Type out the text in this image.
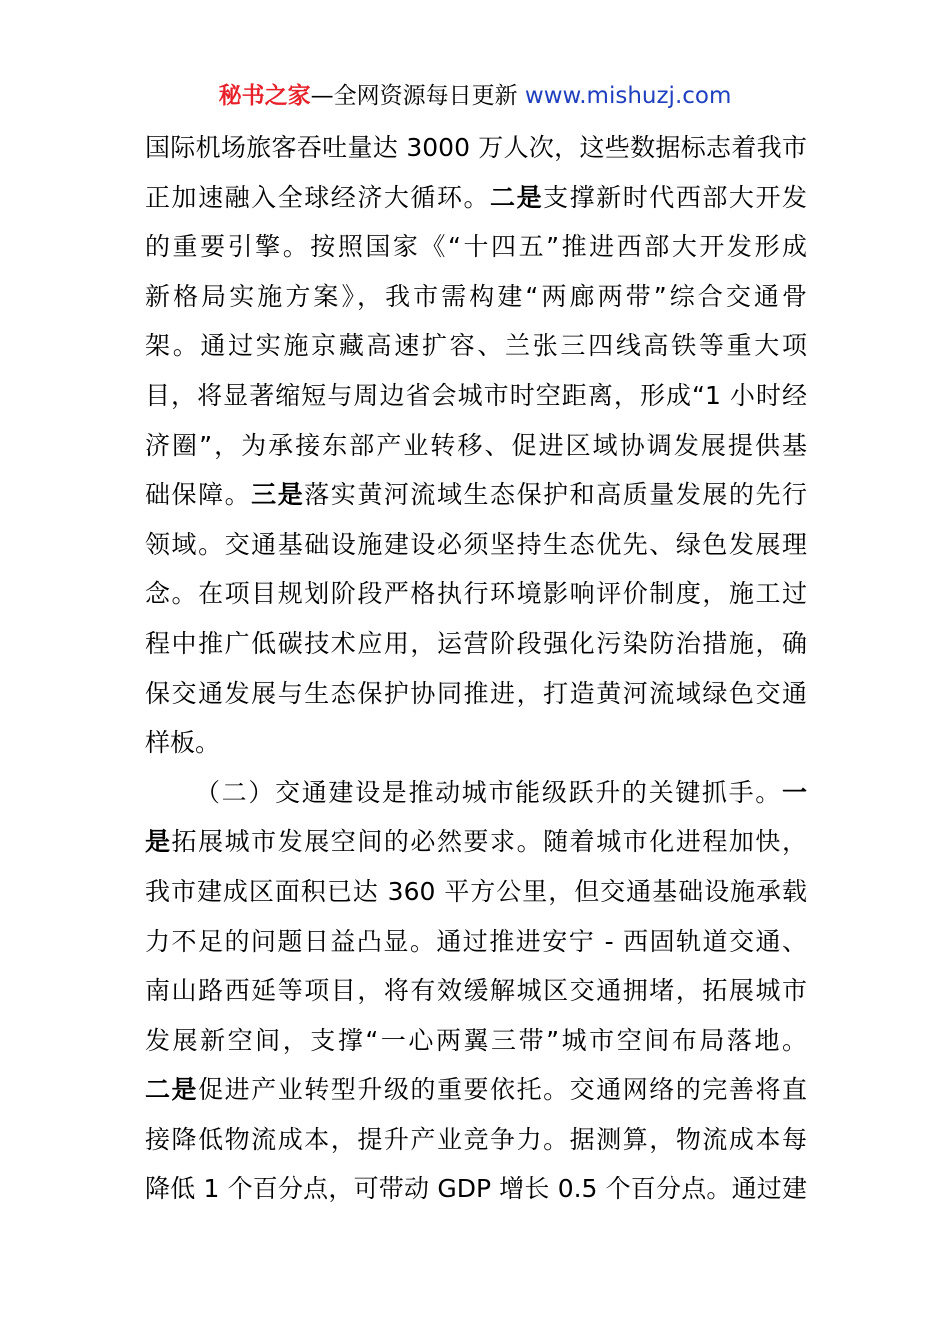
秘书之家—全网资源每日更新 www.mishuzj.com
国际机场旅客吞吐量达 3000 万人次，这些数据标志着我市
正加速融入全球经济大循环。二是支撑新时代西部大开发
的重要引擎。按照国家《“十四五”推进西部大开发形成
新格局实施方案》，我市需构建“两廊两带”综合交通骨
架。通过实施京藏高速扩容、兰张三四线高铁等重大项
目，将显著缩短与周边省会城市时空距离，形成“1 小时经
济圈”，为承接东部产业转移、促进区域协调发展提供基
础保障。三是落实黄河流域生态保护和高质量发展的先行
领域。交通基础设施建设必须坚持生态优先、绿色发展理
念。在项目规划阶段严格执行环境影响评价制度，施工过
程中推广低碳技术应用，运营阶段强化污染防治措施，确
保交通发展与生态保护协同推进，打造黄河流域绿色交通
样板。
（二）交通建设是推动城市能级跃升的关键抓手。一
是拓展城市发展空间的必然要求。随着城市化进程加快，
我市建成区面积已达 360 平方公里，但交通基础设施承载
力不足的问题日益凸显。通过推进安宁 - 西固轨道交通、
南山路西延等项目，将有效缓解城区交通拥堵，拓展城市
发展新空间，支撑“一心两翼三带”城市空间布局落地。
二是促进产业转型升级的重要依托。交通网络的完善将直
接降低物流成本，提升产业竞争力。据测算，物流成本每
降低 1 个百分点，可带动 GDP 增长 0.5 个百分点。通过建
